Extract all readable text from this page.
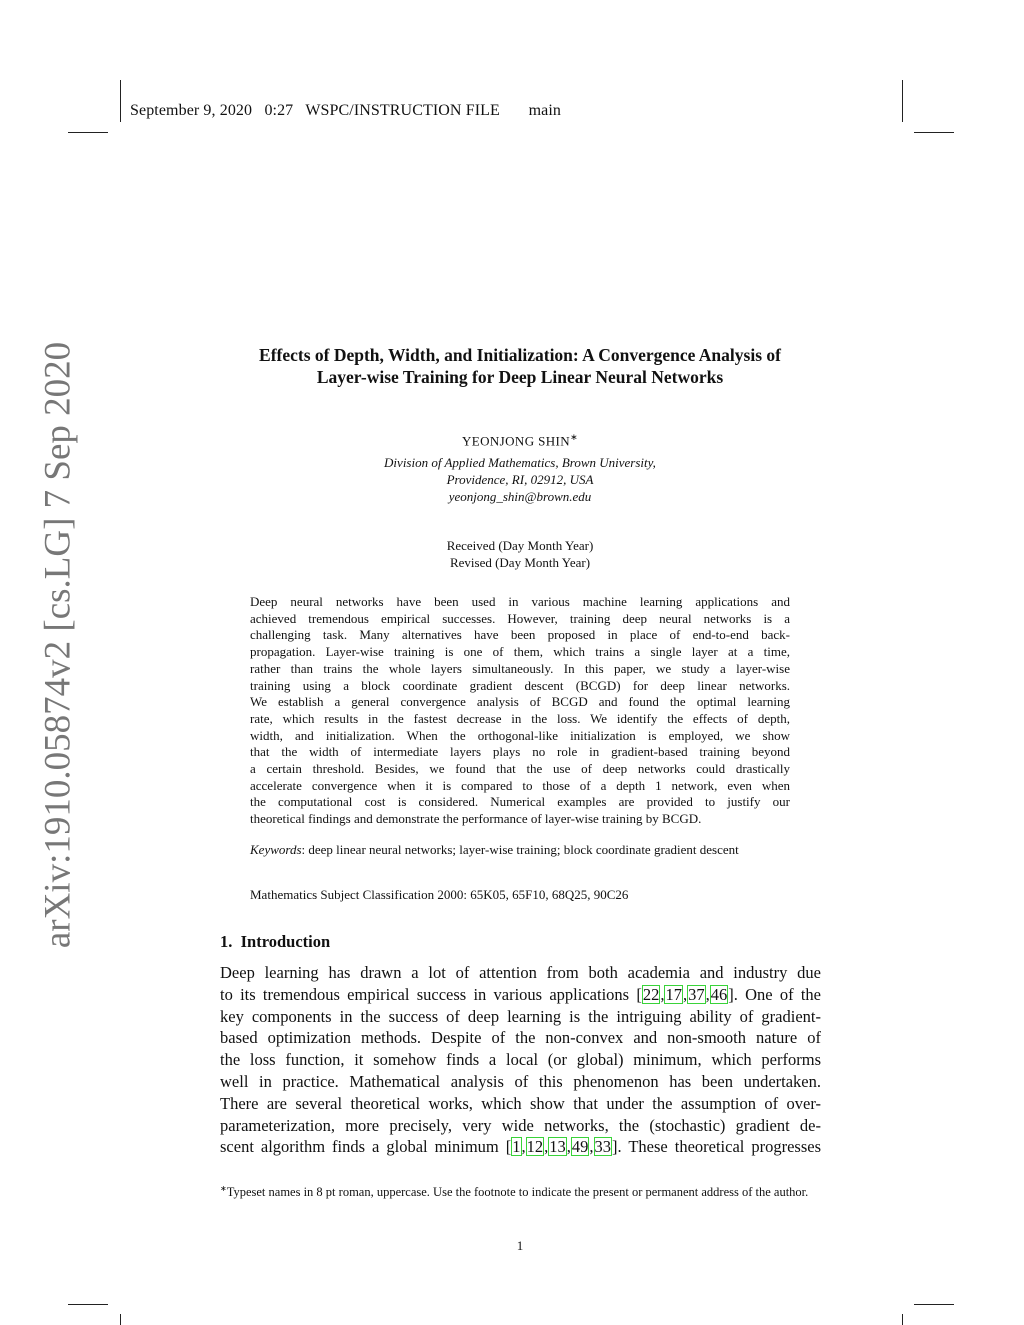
September 9, 2020 0:27 WSPC/INSTRUCTION FILE main
arXiv:1910.05874v2 [cs.LG] 7 Sep 2020	Effects of Depth, Width, and Initialization: A Convergence Analysis of
Layer-wise Training for Deep Linear Neural Networks
YEONJONG SHIN∗
Division of Applied Mathematics, Brown University,
Providence, RI, 02912, USA
yeonjong_shin@brown.edu
Received (Day Month Year)
Revised (Day Month Year)
Deep neural networks have been used in various machine learning applications and
achieved tremendous empirical successes. However, training deep neural networks is a
challenging task. Many alternatives have been proposed in place of end-to-end back-
propagation. Layer-wise training is one of them, which trains a single layer at a time,
rather than trains the whole layers simultaneously. In this paper, we study a layer-wise
training using a block coordinate gradient descent (BCGD) for deep linear networks.
We establish a general convergence analysis of BCGD and found the optimal learning
rate, which results in the fastest decrease in the loss. We identify the effects of depth,
width, and initialization. When the orthogonal-like initialization is employed, we show
that the width of intermediate layers plays no role in gradient-based training beyond
a certain threshold. Besides, we found that the use of deep networks could drastically
accelerate convergence when it is compared to those of a depth 1 network, even when
the computational cost is considered. Numerical examples are provided to justify our
theoretical findings and demonstrate the performance of layer-wise training by BCGD.
Keywords: deep linear neural networks; layer-wise training; block coordinate gradient descent
Mathematics Subject Classification 2000: 65K05, 65F10, 68Q25, 90C26
1. Introduction
Deep learning has drawn a lot of attention from both academia and industry due
to its tremendous empirical success in various applications [22,17,37,46]. One of the
key components in the success of deep learning is the intriguing ability of gradient-
based optimization methods. Despite of the non-convex and non-smooth nature of
the loss function, it somehow finds a local (or global) minimum, which performs
well in practice. Mathematical analysis of this phenomenon has been undertaken.
There are several theoretical works, which show that under the assumption of over-
parameterization, more precisely, very wide networks, the (stochastic) gradient de-
scent algorithm finds a global minimum [1,12,13,49,33]. These theoretical progresses
∗Typeset names in 8 pt roman, uppercase. Use the footnote to indicate the present or permanent address of the author.
1
